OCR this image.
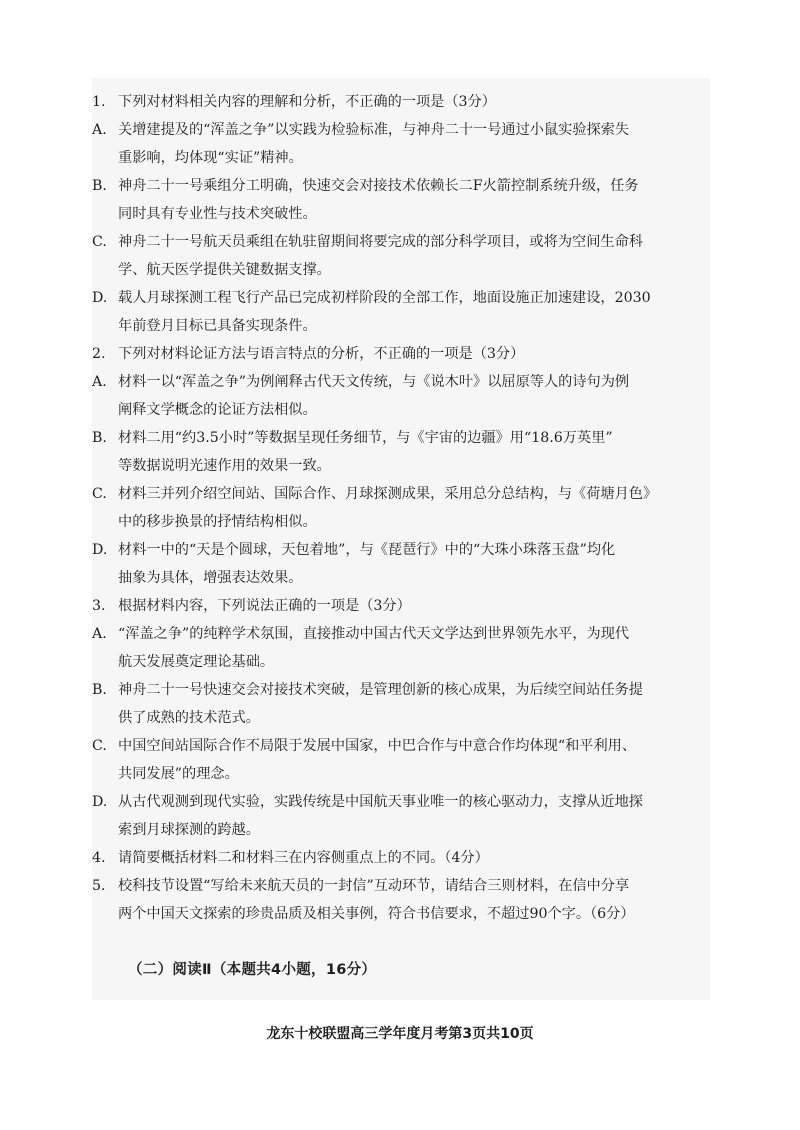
1. 下列对材料相关内容的理解和分析，不正确的一项是（3分）
A. 关增建提及的“浑盖之争”以实践为检验标准，与神舟二十一号通过小鼠实验探索失
重影响，均体现“实证”精神。
B. 神舟二十一号乘组分工明确，快速交会对接技术依赖长二F火箭控制系统升级，任务
同时具有专业性与技术突破性。
C. 神舟二十一号航天员乘组在轨驻留期间将要完成的部分科学项目，或将为空间生命科
学、航天医学提供关键数据支撑。
D. 载人月球探测工程飞行产品已完成初样阶段的全部工作，地面设施正加速建设，2030
年前登月目标已具备实现条件。
2. 下列对材料论证方法与语言特点的分析，不正确的一项是（3分）
A. 材料一以“浑盖之争”为例阐释古代天文传统，与《说木叶》以屈原等人的诗句为例
阐释文学概念的论证方法相似。
B. 材料二用“约3.5小时”等数据呈现任务细节，与《宇宙的边疆》用“18.6万英里”
等数据说明光速作用的效果一致。
C. 材料三并列介绍空间站、国际合作、月球探测成果，采用总分总结构，与《荷塘月色》
中的移步换景的抒情结构相似。
D. 材料一中的“天是个圆球，天包着地”，与《琵琶行》中的“大珠小珠落玉盘”均化
抽象为具体，增强表达效果。
3. 根据材料内容，下列说法正确的一项是（3分）
A. “浑盖之争”的纯粹学术氛围，直接推动中国古代天文学达到世界领先水平，为现代
航天发展奠定理论基础。
B. 神舟二十一号快速交会对接技术突破，是管理创新的核心成果，为后续空间站任务提
供了成熟的技术范式。
C. 中国空间站国际合作不局限于发展中国家，中巴合作与中意合作均体现“和平利用、
共同发展”的理念。
D. 从古代观测到现代实验，实践传统是中国航天事业唯一的核心驱动力，支撑从近地探
索到月球探测的跨越。
4. 请简要概括材料二和材料三在内容侧重点上的不同。（4分）
5. 校科技节设置“写给未来航天员的一封信”互动环节，请结合三则材料，在信中分享
两个中国天文探索的珍贵品质及相关事例，符合书信要求，不超过90个字。（6分）
（二）阅读Ⅱ（本题共4小题，16分）
龙东十校联盟高三学年度月考第3页共10页
